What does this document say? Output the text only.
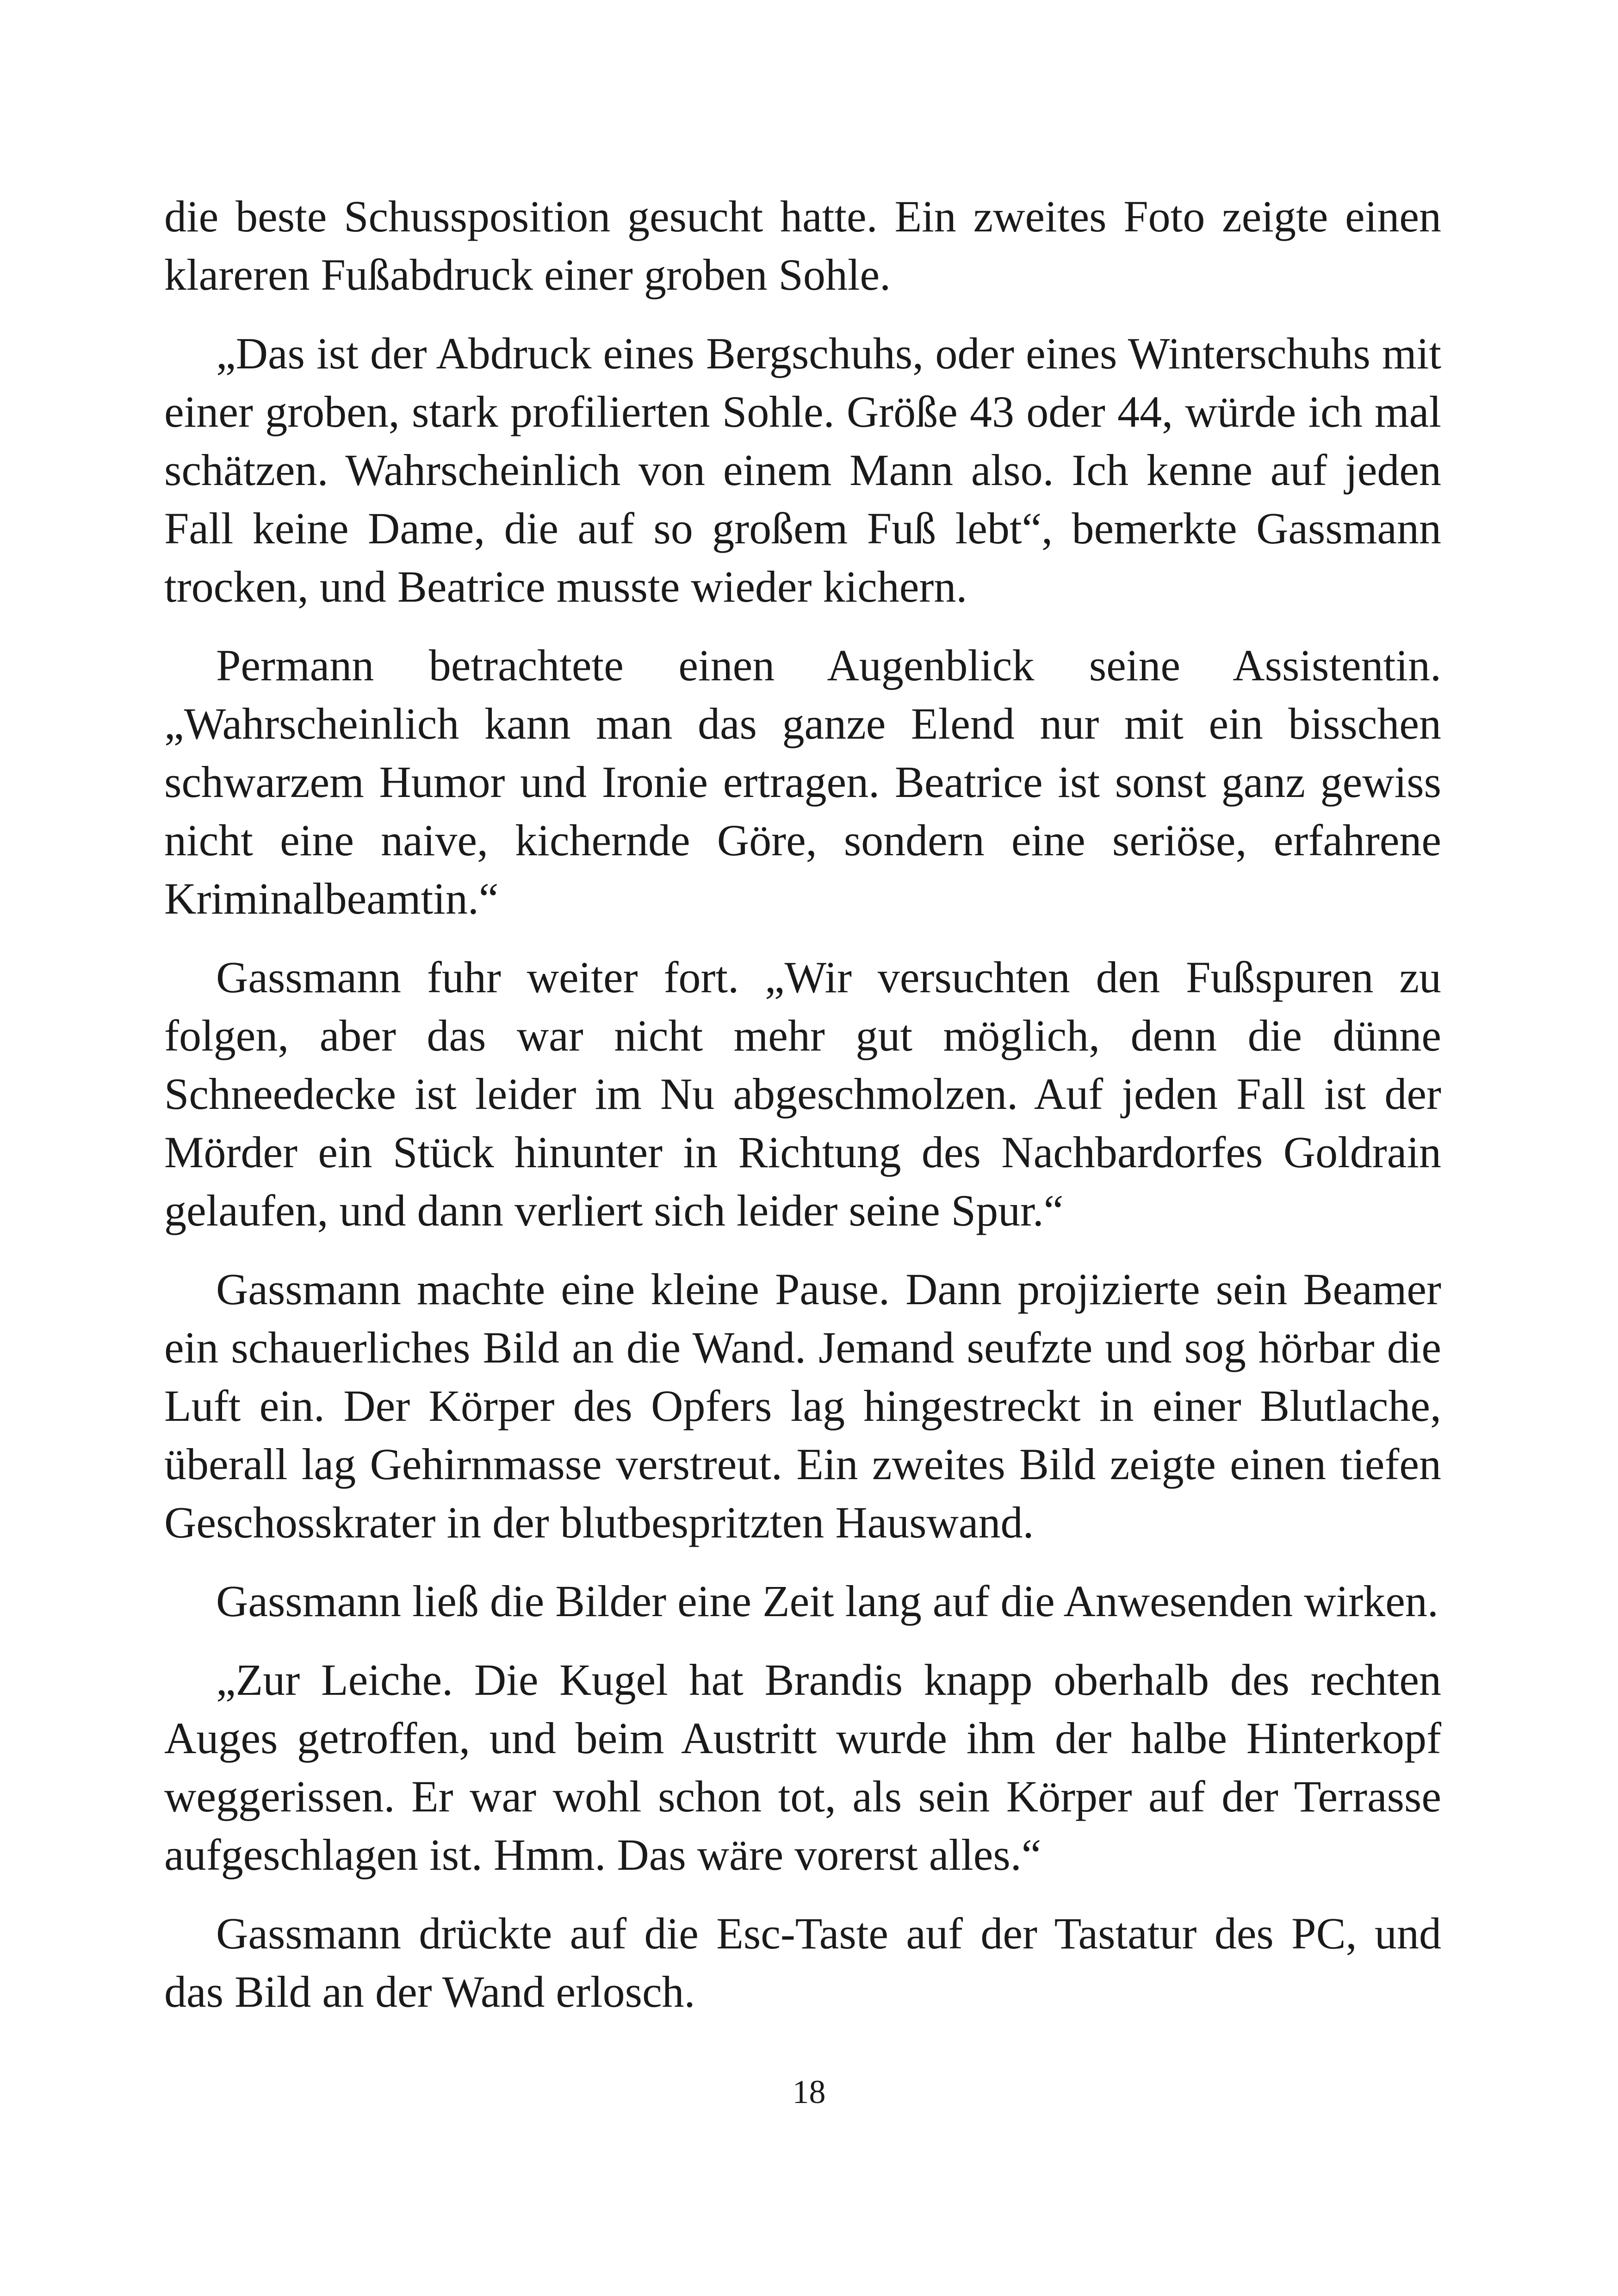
die beste Schussposition gesucht hatte. Ein zweites Foto zeigte einen klareren Fußabdruck einer groben Sohle.

„Das ist der Abdruck eines Bergschuhs, oder eines Winterschuhs mit einer groben, stark profilierten Sohle. Größe 43 oder 44, würde ich mal schätzen. Wahrscheinlich von einem Mann also. Ich kenne auf jeden Fall keine Dame, die auf so großem Fuß lebt“, bemerkte Gassmann trocken, und Beatrice musste wieder kichern.

Permann betrachtete einen Augenblick seine Assistentin. „Wahrscheinlich kann man das ganze Elend nur mit ein bisschen schwarzem Humor und Ironie ertragen. Beatrice ist sonst ganz gewiss nicht eine naive, kichernde Göre, sondern eine seriöse, erfahrene Kriminalbeamtin.“

Gassmann fuhr weiter fort. „Wir versuchten den Fußspuren zu folgen, aber das war nicht mehr gut möglich, denn die dünne Schneedecke ist leider im Nu abgeschmolzen. Auf jeden Fall ist der Mörder ein Stück hinunter in Richtung des Nachbardorfes Goldrain gelaufen, und dann verliert sich leider seine Spur.“

Gassmann machte eine kleine Pause. Dann projizierte sein Beamer ein schauerliches Bild an die Wand. Jemand seufzte und sog hörbar die Luft ein. Der Körper des Opfers lag hingestreckt in einer Blutlache, überall lag Gehirnmasse verstreut. Ein zweites Bild zeigte einen tiefen Geschosskrater in der blutbespritzten Hauswand.

Gassmann ließ die Bilder eine Zeit lang auf die Anwesenden wirken.

„Zur Leiche. Die Kugel hat Brandis knapp oberhalb des rechten Auges getroffen, und beim Austritt wurde ihm der halbe Hinterkopf weggerissen. Er war wohl schon tot, als sein Körper auf der Terrasse aufgeschlagen ist. Hmm. Das wäre vorerst alles.“

Gassmann drückte auf die Esc-Taste auf der Tastatur des PC, und das Bild an der Wand erlosch.

18
